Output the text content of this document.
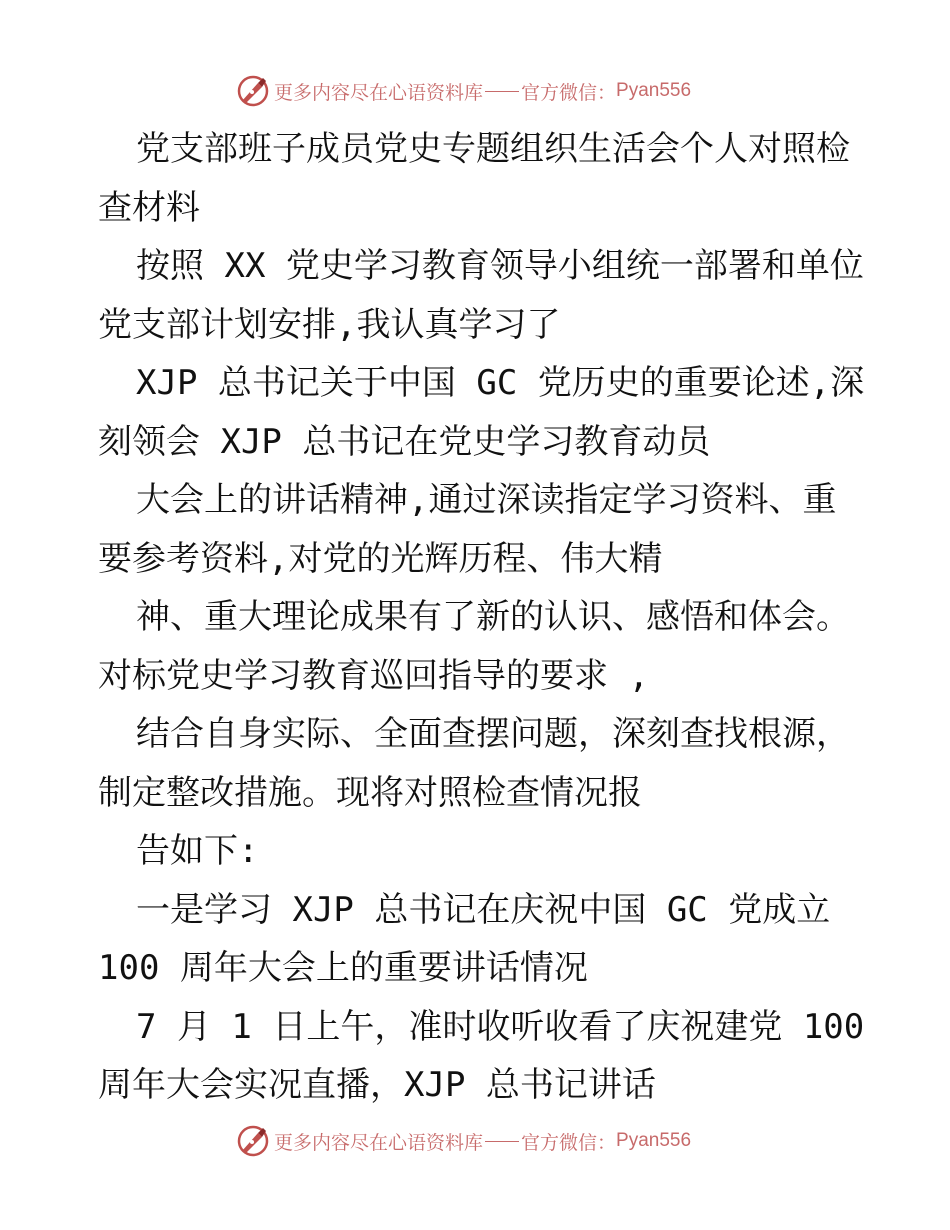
更多内容尽在心语资料库 官方微信： Pyan556
党支部班子成员党史专题组织生活会个人对照检
查材料
按照 XX 党史学习教育领导小组统一部署和单位
党支部计划安排,我认真学习了
XJP 总书记关于中国 GC 党历史的重要论述,深
刻领会 XJP 总书记在党史学习教育动员
大会上的讲话精神,通过深读指定学习资料、重
要参考资料,对党的光辉历程、伟大精
神、重大理论成果有了新的认识、感悟和体会。
对标党史学习教育巡回指导的要求 ,
结合自身实际、全面查摆问题，深刻查找根源，
制定整改措施。现将对照检查情况报
告如下:
一是学习 XJP 总书记在庆祝中国 GC 党成立
100 周年大会上的重要讲话情况
7 月 1 日上午，准时收听收看了庆祝建党 100
周年大会实况直播，XJP 总书记讲话
更多内容尽在心语资料库 官方微信： Pyan556
